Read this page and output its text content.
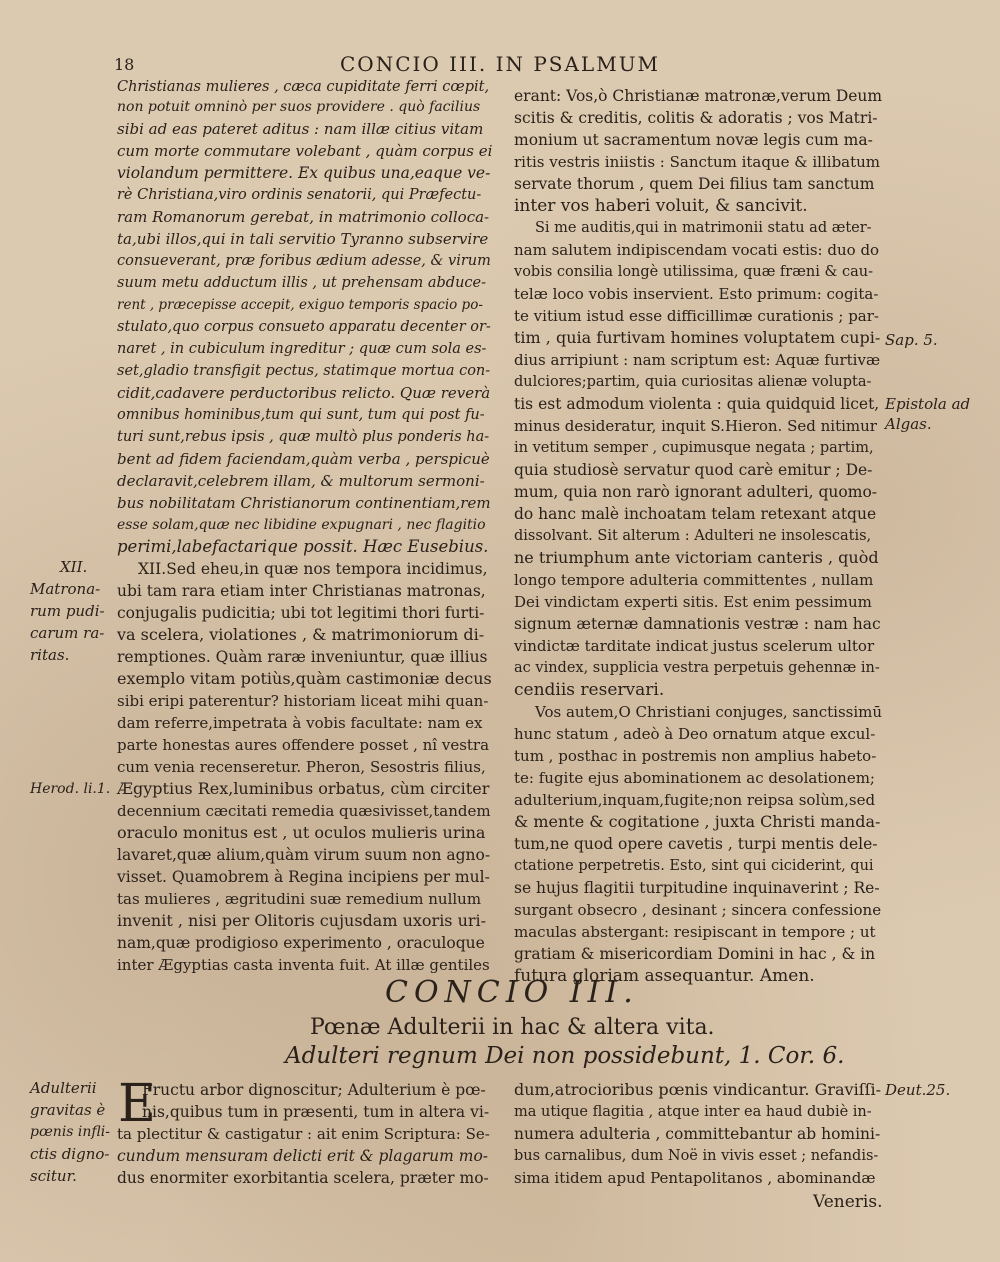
18	CONCIO III. IN PSALMUM
Christianas mulieres , cæca cupiditate ferri cœpit,
non potuit omninò per suos providere . quò facilius
sibi ad eas pateret aditus : nam illæ citius vitam
cum morte commutare volebant , quàm corpus ei
violandum permittere. Ex quibus una,eaque ve-
rè Christiana,viro ordinis senatorii, qui Præfectu-
ram Romanorum gerebat, in matrimonio colloca-
ta,ubi illos,qui in tali servitio Tyranno subservire
consueverant, præ foribus ædium adesse, & virum
suum metu adductum illis , ut prehensam abduce-
rent , præcepisse accepit, exiguo temporis spacio po-
stulato,quo corpus consueto apparatu decenter or-
naret , in cubiculum ingreditur ; quæ cum sola es-
set,gladio transfigit pectus, statimque mortua con-
cidit,cadavere perductoribus relicto. Quæ reverà
omnibus hominibus,tum qui sunt, tum qui post fu-
turi sunt,rebus ipsis , quæ multò plus ponderis ha-
bent ad fidem faciendam,quàm verba , perspicuè
declaravit,celebrem illam, & multorum sermoni-
bus nobilitatam Christianorum continentiam,rem
esse solam,quæ nec libidine expugnari , nec flagitio
perimi,labefactarique possit. Hæc Eusebius.
XII.Sed eheu,in quæ nos tempora incidimus,
ubi tam rara etiam inter Christianas matronas,
conjugalis pudicitia; ubi tot legitimi thori furti-
va scelera, violationes , & matrimoniorum di-
remptiones. Quàm raræ inveniuntur, quæ illius
exemplo vitam potiùs,quàm castimoniæ decus
sibi eripi paterentur? historiam liceat mihi quan-
dam referre,impetrata à vobis facultate: nam ex
parte honestas aures offendere posset , nî vestra
cum venia recenseretur. Pheron, Sesostris filius,
Ægyptius Rex,luminibus orbatus, cùm circiter
decennium cæcitati remedia quæsivisset,tandem
oraculo monitus est , ut oculos mulieris urina
lavaret,quæ alium,quàm virum suum non agno-
visset. Quamobrem à Regina incipiens per mul-
tas mulieres , ægritudini suæ remedium nullum
invenit , nisi per Olitoris cujusdam uxoris uri-
nam,quæ prodigioso experimento , oraculoque
inter Ægyptias casta inventa fuit. At illæ gentiles
erant: Vos,ò Christianæ matronæ,verum Deum
scitis & creditis, colitis & adoratis ; vos Matri-
monium ut sacramentum novæ legis cum ma-
ritis vestris iniistis : Sanctum itaque & illibatum
servate thorum , quem Dei filius tam sanctum
inter vos haberi voluit, & sancivit.
Si me auditis,qui in matrimonii statu ad æter-
nam salutem indipiscendam vocati estis: duo do
vobis consilia longè utilissima, quæ fræni & cau-
telæ loco vobis inservient. Esto primum: cogita-
te vitium istud esse difficillimæ curationis ; par-
tim , quia furtivam homines voluptatem cupi-
dius arripiunt : nam scriptum est: Aquæ furtivæ
dulciores;partim, quia curiositas alienæ volupta-
tis est admodum violenta : quia quidquid licet,
minus desideratur, inquit S.Hieron. Sed nitimur
in vetitum semper , cupimusque negata ; partim,
quia studiosè servatur quod carè emitur ; De-
mum, quia non rarò ignorant adulteri, quomo-
do hanc malè inchoatam telam retexant atque
dissolvant. Sit alterum : Adulteri ne insolescatis,
ne triumphum ante victoriam canteris , quòd
longo tempore adulteria committentes , nullam
Dei vindictam experti sitis. Est enim pessimum
signum æternæ damnationis vestræ : nam hac
vindictæ tarditate indicat justus scelerum ultor
ac vindex, supplicia vestra perpetuis gehennæ in-
cendiis reservari.
Vos autem,O Christiani conjuges, sanctissimū
hunc statum , adeò à Deo ornatum atque excul-
tum , posthac in postremis non amplius habeto-
te: fugite ejus abominationem ac desolationem;
adulterium,inquam,fugite;non reipsa solùm,sed
& mente & cogitatione , juxta Christi manda-
tum,ne quod opere cavetis , turpi mentis dele-
ctatione perpetretis. Esto, sint qui ciciderint, qui
se hujus flagitii turpitudine inquinaverint ; Re-
surgant obsecro , desinant ; sincera confessione
maculas abstergant: resipiscant in tempore ; ut
gratiam & misericordiam Domini in hac , & in
futura gloriam assequantur. Amen.
XII.
Matrona-
rum pudi-
carum ra-
ritas.
Herod. li.1.
Sap. 5.
Epistola ad
Algas.
CONCIO III.
Pœnæ Adulterii in hac & altera vita.
Adulteri regnum Dei non possidebunt, 1. Cor. 6.
Adulterii
gravitas è
pœnis infli-
ctis digno-
scitur.
E
Fructu arbor dignoscitur; Adulterium è pœ-
nis,quibus tum in præsenti, tum in altera vi-
ta plectitur & castigatur : ait enim Scriptura: Se-
cundum mensuram delicti erit & plagarum mo-
dus enormiter exorbitantia scelera, præter mo-
dum,atrocioribus pœnis vindicantur. Graviſſi-
ma utique flagitia , atque inter ea haud dubiè in-
numera adulteria , committebantur ab homini-
bus carnalibus, dum Noë in vivis esset ; nefandis-
sima itidem apud Pentapolitanos , abominandæ
Veneris.
Deut.25.
